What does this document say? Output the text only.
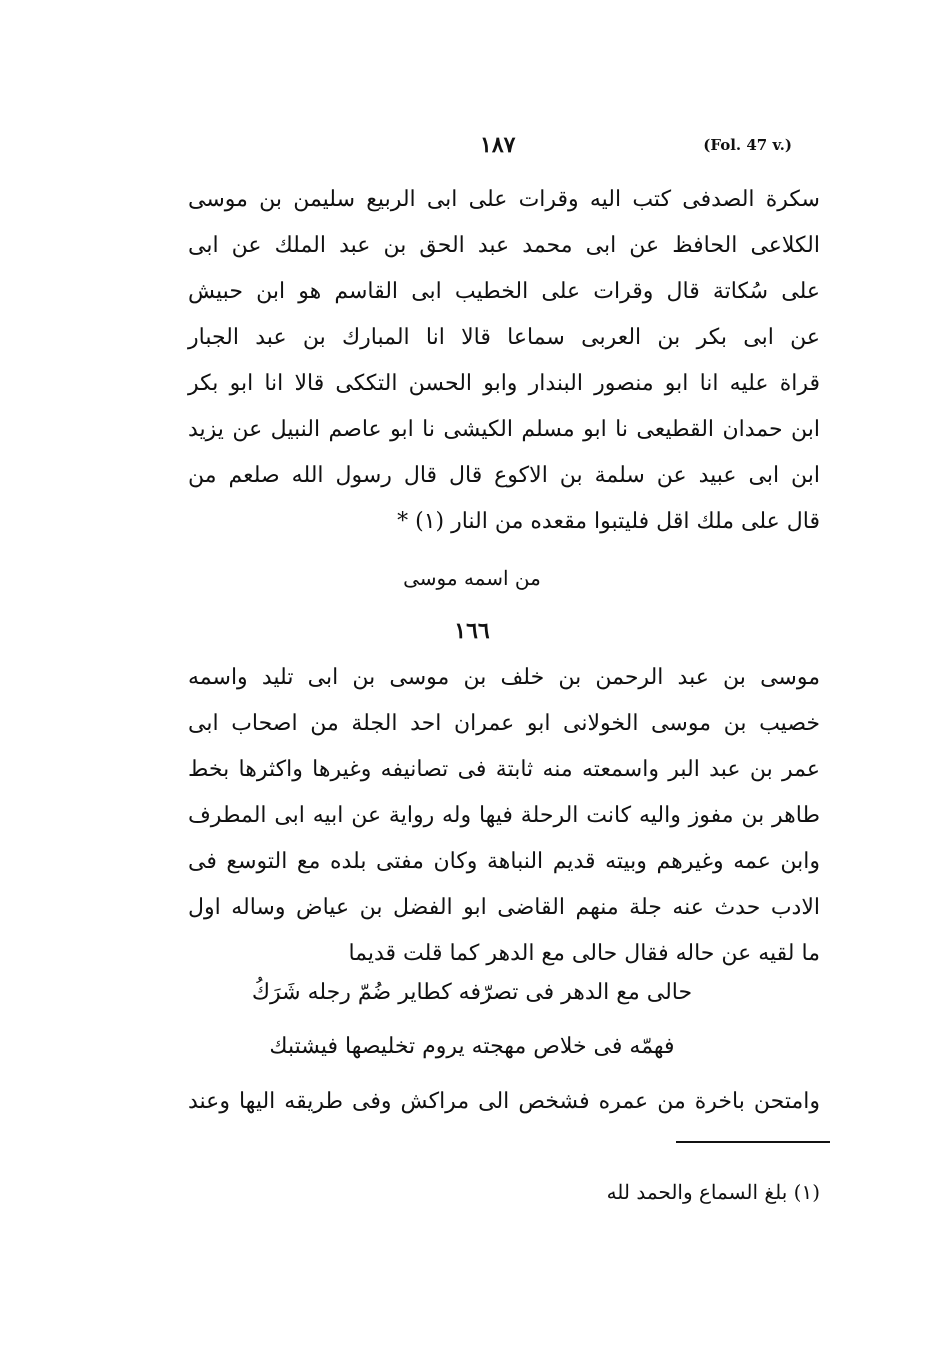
١٨٧	(Fol. 47 v.)
سكرة الصدفى كتب اليه وقرات على ابى الربيع سليمن بن موسى
الكلاعى الحافظ عن ابى محمد عبد الحق بن عبد الملك عن ابى
على سُكاتة قال وقرات على الخطيب ابى القاسم هو ابن حبيش
عن ابى بكر بن العربى سماعا قالا انا المبارك بن عبد الجبار
قراة عليه انا ابو منصور البندار وابو الحسن التككى قالا انا ابو بكر
ابن حمدان القطيعى نا ابو مسلم الكيشى نا ابو عاصم النبيل عن يزيد
ابن ابى عبيد عن سلمة بن الاكوع قال قال رسول الله صلعم من
قال على ملك اقل فليتبوا مقعده من النار (١) *
من اسمه موسى
١٦٦
موسى بن عبد الرحمن بن خلف بن موسى بن ابى تليد واسمه
خصيب بن موسى الخولانى ابو عمران احد الجلة من اصحاب ابى
عمر بن عبد البر واسمعته منه ثابتة فى تصانيفه وغيرها واكثرها بخط
طاهر بن مفوز واليه كانت الرحلة فيها وله رواية عن ابيه ابى المطرف
وابن عمه وغيرهم وبيته قديم النباهة وكان مفتى بلده مع التوسع فى
الادب حدث عنه جلة منهم القاضى ابو الفضل بن عياض وساله اول
ما لقيه عن حاله فقال حالى مع الدهر كما قلت قديما
حالى مع الدهر فى تصرّفه كطاير ضُمّ رجله شَرَكُ
فهمّه فى خلاص مهجته يروم تخليصها فيشتبك
وامتحن باخرة من عمره فشخص الى مراكش وفى طريقه اليها وعند
(١) بلغ السماع والحمد لله
